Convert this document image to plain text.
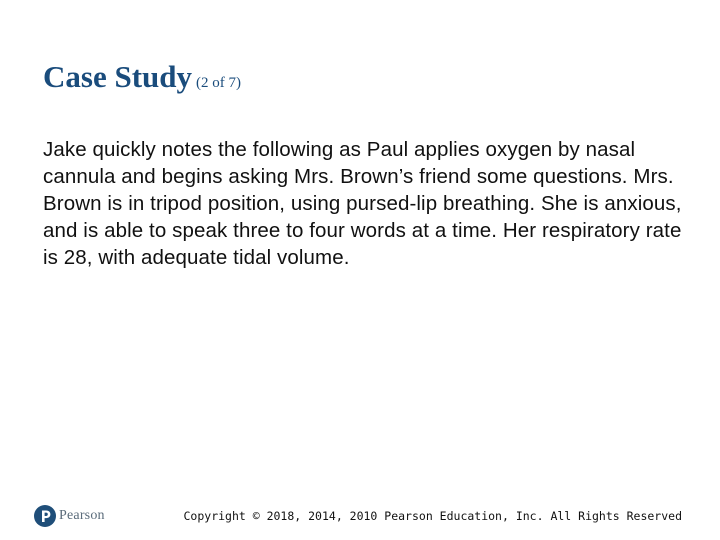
Case Study (2 of 7)

Jake quickly notes the following as Paul applies oxygen by nasal cannula and begins asking Mrs. Brown’s friend some questions. Mrs. Brown is in tripod position, using pursed-lip breathing. She is anxious, and is able to speak three to four words at a time. Her respiratory rate is 28, with adequate tidal volume.

Pearson	Copyright © 2018, 2014, 2010 Pearson Education, Inc. All Rights Reserved
